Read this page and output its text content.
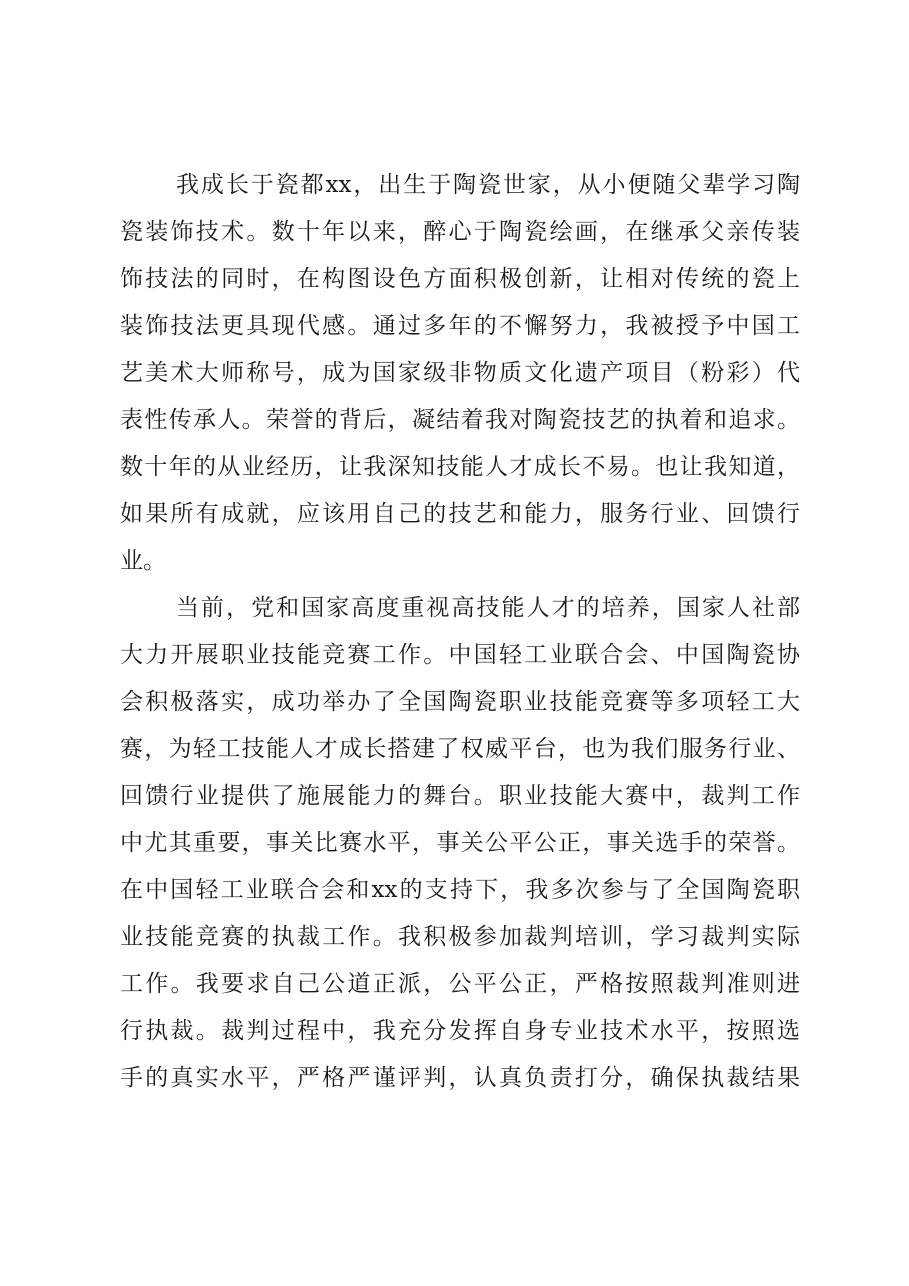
我成长于瓷都xx，出生于陶瓷世家，从小便随父辈学习陶
瓷装饰技术。数十年以来，醉心于陶瓷绘画，在继承父亲传装
饰技法的同时，在构图设色方面积极创新，让相对传统的瓷上
装饰技法更具现代感。通过多年的不懈努力，我被授予中国工
艺美术大师称号，成为国家级非物质文化遗产项目（粉彩）代
表性传承人。荣誉的背后，凝结着我对陶瓷技艺的执着和追求。
数十年的从业经历，让我深知技能人才成长不易。也让我知道，
如果所有成就，应该用自己的技艺和能力，服务行业、回馈行
业。
当前，党和国家高度重视高技能人才的培养，国家人社部
大力开展职业技能竞赛工作。中国轻工业联合会、中国陶瓷协
会积极落实，成功举办了全国陶瓷职业技能竞赛等多项轻工大
赛，为轻工技能人才成长搭建了权威平台，也为我们服务行业、
回馈行业提供了施展能力的舞台。职业技能大赛中，裁判工作
中尤其重要，事关比赛水平，事关公平公正，事关选手的荣誉。
在中国轻工业联合会和xx的支持下，我多次参与了全国陶瓷职
业技能竞赛的执裁工作。我积极参加裁判培训，学习裁判实际
工作。我要求自己公道正派，公平公正，严格按照裁判准则进
行执裁。裁判过程中，我充分发挥自身专业技术水平，按照选
手的真实水平，严格严谨评判，认真负责打分，确保执裁结果
